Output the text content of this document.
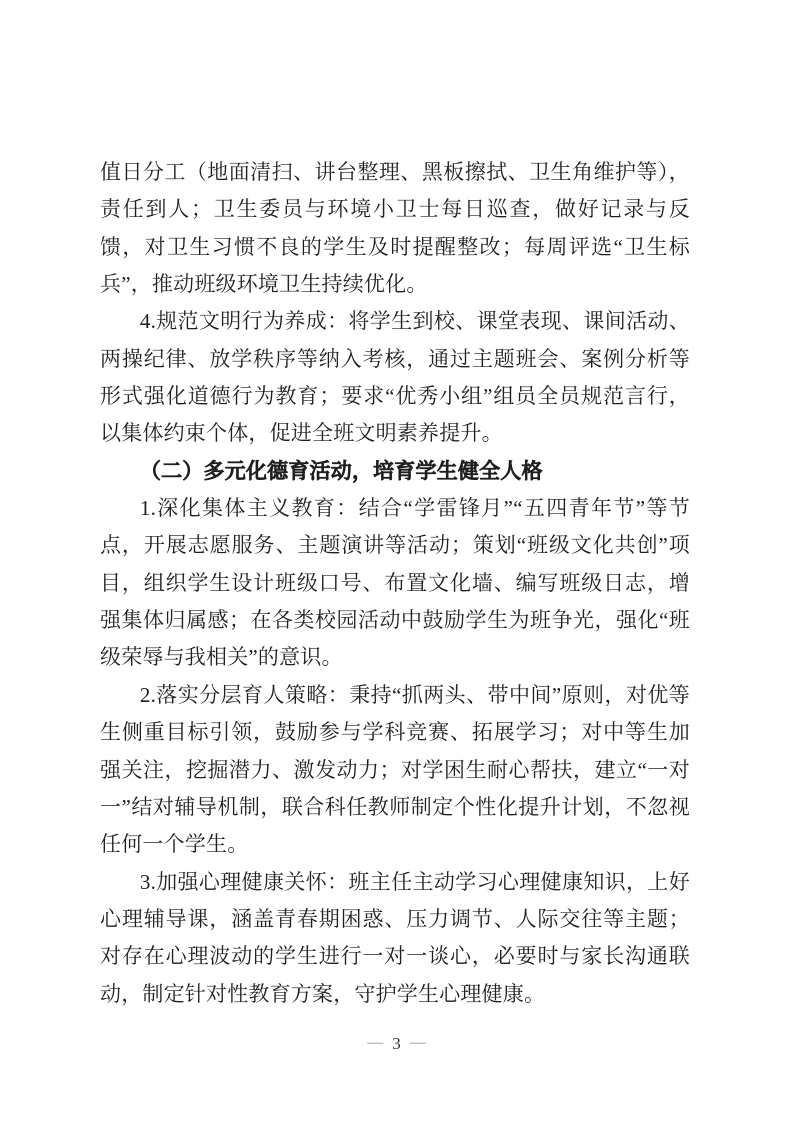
值日分工（地面清扫、讲台整理、黑板擦拭、卫生角维护等），责任到人；卫生委员与环境小卫士每日巡查，做好记录与反馈，对卫生习惯不良的学生及时提醒整改；每周评选“卫生标兵”，推动班级环境卫生持续优化。

4.规范文明行为养成：将学生到校、课堂表现、课间活动、两操纪律、放学秩序等纳入考核，通过主题班会、案例分析等形式强化道德行为教育；要求“优秀小组”组员全员规范言行，以集体约束个体，促进全班文明素养提升。

（二）多元化德育活动，培育学生健全人格

1.深化集体主义教育：结合“学雷锋月”“五四青年节”等节点，开展志愿服务、主题演讲等活动；策划“班级文化共创”项目，组织学生设计班级口号、布置文化墙、编写班级日志，增强集体归属感；在各类校园活动中鼓励学生为班争光，强化“班级荣辱与我相关”的意识。

2.落实分层育人策略：秉持“抓两头、带中间”原则，对优等生侧重目标引领，鼓励参与学科竞赛、拓展学习；对中等生加强关注，挖掘潜力、激发动力；对学困生耐心帮扶，建立“一对一”结对辅导机制，联合科任教师制定个性化提升计划，不忽视任何一个学生。

3.加强心理健康关怀：班主任主动学习心理健康知识，上好心理辅导课，涵盖青春期困惑、压力调节、人际交往等主题；对存在心理波动的学生进行一对一谈心，必要时与家长沟通联动，制定针对性教育方案，守护学生心理健康。

— 3 —
